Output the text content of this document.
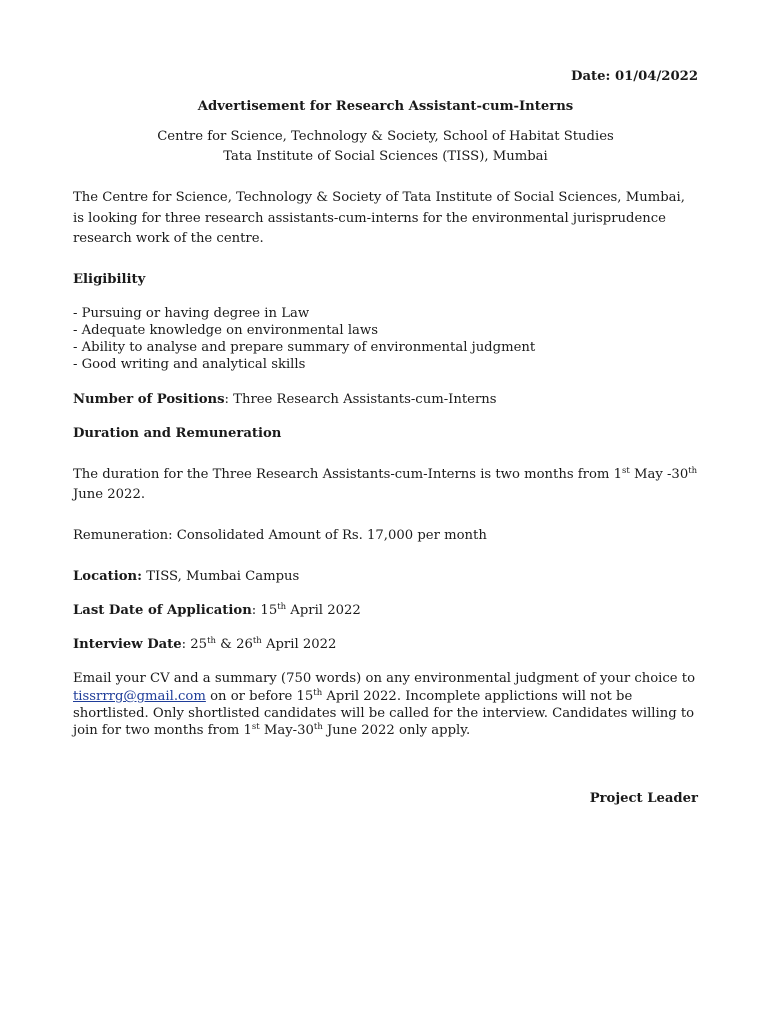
Date: 01/04/2022

Advertisement for Research Assistant-cum-Interns

Centre for Science, Technology & Society, School of Habitat Studies

Tata Institute of Social Sciences (TISS), Mumbai

The Centre for Science, Technology & Society of Tata Institute of Social Sciences, Mumbai,

is looking for three research assistants-cum-interns for the environmental jurisprudence

research work of the centre.

Eligibility

- Pursuing or having degree in Law

- Adequate knowledge on environmental laws

- Ability to analyse and prepare summary of environmental judgment

- Good writing and analytical skills

Number of Positions: Three Research Assistants-cum-Interns

Duration and Remuneration

The duration for the Three Research Assistants-cum-Interns is two months from 1st May -30th

June 2022.

Remuneration: Consolidated Amount of Rs. 17,000 per month

Location: TISS, Mumbai Campus

Last Date of Application: 15th April 2022

Interview Date: 25th & 26th April 2022

Email your CV and a summary (750 words) on any environmental judgment of your choice to

tissrrrg@gmail.com on or before 15th April 2022. Incomplete applictions will not be

shortlisted. Only shortlisted candidates will be called for the interview. Candidates willing to

join for two months from 1st May-30th June 2022 only apply.

Project Leader
